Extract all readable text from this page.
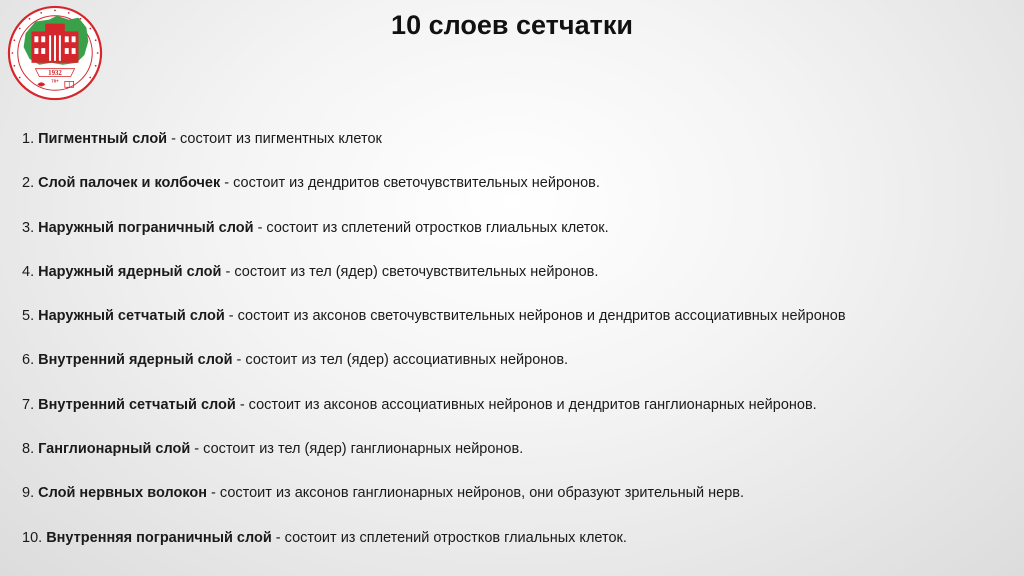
1932
70+
10 слоев сетчатки
1. Пигментный слой - состоит из пигментных клеток
2. Слой палочек и колбочек - состоит из дендритов светочувствительных нейронов.
3. Наружный пограничный слой - состоит из сплетений отростков глиальных клеток.
4. Наружный ядерный слой - состоит из тел (ядер) светочувствительных нейронов.
5. Наружный сетчатый слой - состоит из аксонов светочувствительных нейронов и дендритов ассоциативных нейронов
6. Внутренний ядерный слой - состоит из тел (ядер) ассоциативных нейронов.
7. Внутренний сетчатый слой - состоит из аксонов ассоциативных нейронов и дендритов ганглионарных нейронов.
8. Ганглионарный слой - состоит из тел (ядер) ганглионарных нейронов.
9. Слой нервных волокон - состоит из аксонов ганглионарных нейронов, они образуют зрительный нерв.
10. Внутренняя пограничный слой - состоит из сплетений отростков глиальных клеток.
